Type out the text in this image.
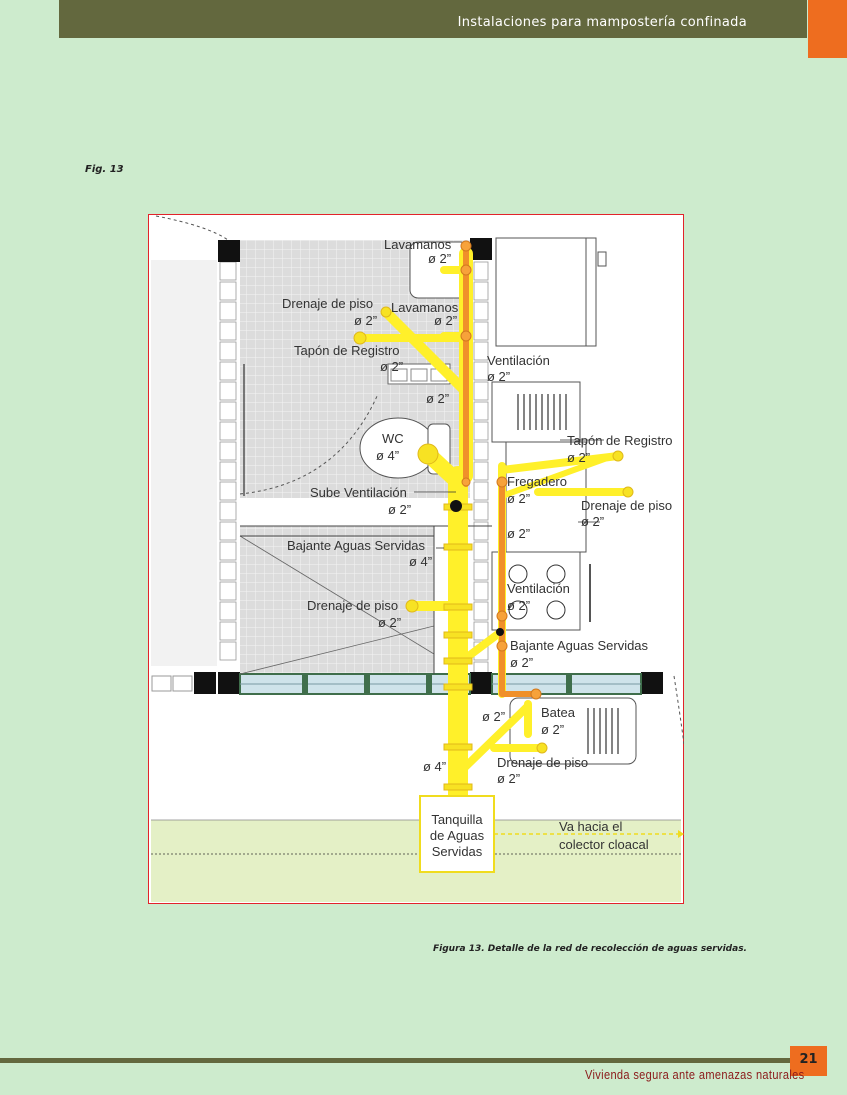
Instalaciones para mampostería confinada
Fig. 13
Lavamanos
ø 2”
Drenaje de piso
ø 2”
Lavamanos
ø 2”
Tapón de Registro
ø 2”	Ventilación
ø 2”
ø 2”
WC
ø 4”
Tapón de Registro
ø 2”
Fregadero
ø 2”
Sube Ventilación
ø 2”	Drenaje de piso
ø 2”
ø 2”
Bajante Aguas Servidas
ø 4”
Ventilación
ø 2”
Drenaje de piso
ø 2”
Bajante Aguas Servidas
ø 2”
ø 2”	Batea
ø 2”
ø 4”	Drenaje de piso
ø 2”
Tanquilla
de Aguas
Servidas
Va hacia el
colector cloacal
Figura 13. Detalle de la red de recolección de aguas servidas.
21
Vivienda segura ante amenazas naturales
